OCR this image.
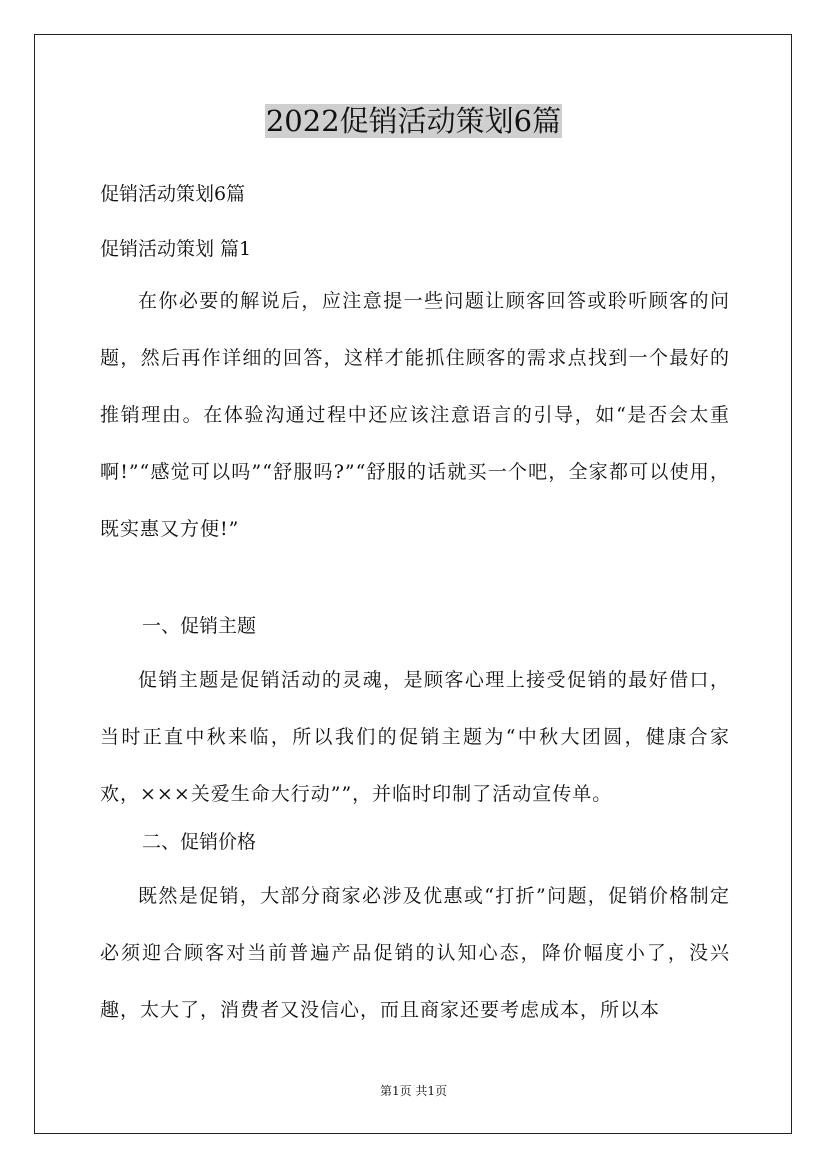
2022促销活动策划6篇
促销活动策划6篇
促销活动策划 篇1
在你必要的解说后，应注意提一些问题让顾客回答或聆听顾客的问题，然后再作详细的回答，这样才能抓住顾客的需求点找到一个最好的推销理由。在体验沟通过程中还应该注意语言的引导，如“是否会太重啊!”“感觉可以吗”“舒服吗?”“舒服的话就买一个吧，全家都可以使用，既实惠又方便!”
一、促销主题
促销主题是促销活动的灵魂，是顾客心理上接受促销的最好借口，当时正直中秋来临，所以我们的促销主题为“中秋大团圆，健康合家欢，×××关爱生命大行动””，并临时印制了活动宣传单。
二、促销价格
既然是促销，大部分商家必涉及优惠或“打折”问题，促销价格制定必须迎合顾客对当前普遍产品促销的认知心态，降价幅度小了，没兴趣，太大了，消费者又没信心，而且商家还要考虑成本，所以本
第1页 共1页
